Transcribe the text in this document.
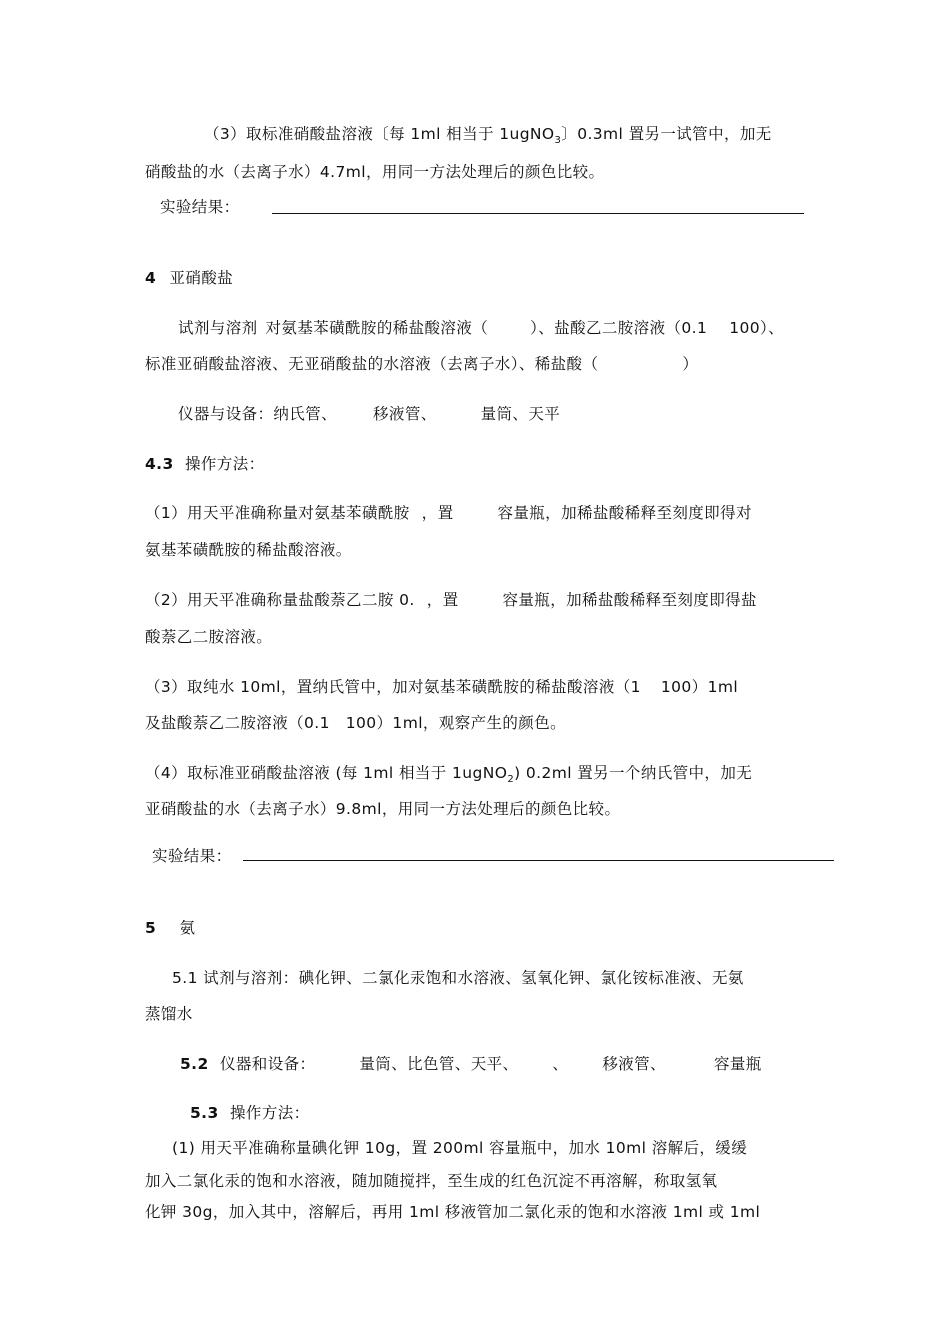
（3）取标准硝酸盐溶液〔每 1ml 相当于 1ugNO$_3$〕0.3ml 置另一试管中，加无
硝酸盐的水（去离子水）4.7ml，用同一方法处理后的颜色比较。
实验结果：
4 亚硝酸盐
试剂与溶剂 对氨基苯磺酰胺的稀盐酸溶液（	）、盐酸乙二胺溶液（0.1 100）、
标准亚硝酸盐溶液、无亚硝酸盐的水溶液（去离子水）、稀盐酸（	）
仪器与设备：纳氏管、 移液管、	量筒、天平
4.3 操作方法：
（1）用天平准确称量对氨基苯磺酰胺 ，置	容量瓶，加稀盐酸稀释至刻度即得对
氨基苯磺酰胺的稀盐酸溶液。
（2）用天平准确称量盐酸萘乙二胺 0. ，置	容量瓶，加稀盐酸稀释至刻度即得盐
酸萘乙二胺溶液。
（3）取纯水 10ml，置纳氏管中，加对氨基苯磺酰胺的稀盐酸溶液（1 100）1ml
及盐酸萘乙二胺溶液（0.1　100）1ml，观察产生的颜色。
（4）取标准亚硝酸盐溶液 (每 1ml 相当于 1ugNO$_2$) 0.2ml 置另一个纳氏管中，加无
亚硝酸盐的水（去离子水）9.8ml，用同一方法处理后的颜色比较。
实验结果：
5 氨
5.1 试剂与溶剂：碘化钾、二氯化汞饱和水溶液、氢氧化钾、氯化铵标准液、无氨
蒸馏水
5.2 仪器和设备：	量筒、比色管、天平、 、 移液管、	容量瓶
5.3 操作方法：
(1) 用天平准确称量碘化钾 10g，置 200ml 容量瓶中，加水 10ml 溶解后，缓缓
加入二氯化汞的饱和水溶液，随加随搅拌，至生成的红色沉淀不再溶解，称取氢氧
化钾 30g，加入其中，溶解后，再用 1ml 移液管加二氯化汞的饱和水溶液 1ml 或 1ml
